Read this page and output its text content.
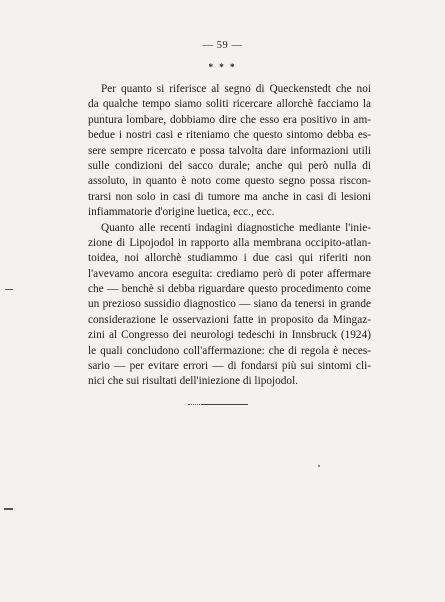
— 59 —
* * *
Per quanto si riferisce al segno di Queckenstedt che noi
da qualche tempo siamo soliti ricercare allorchè facciamo la
puntura lombare, dobbiamo dire che esso era positivo in am-
bedue i nostri casi e riteniamo che questo sintomo debba es-
sere sempre ricercato e possa talvolta dare informazioni utili
sulle condizioni del sacco durale; anche qui però nulla di
assoluto, in quanto è noto come questo segno possa riscon-
trarsi non solo in casi di tumore ma anche in casi di lesioni
infiammatorie d'origine luetica, ecc., ecc.
Quanto alle recenti indagini diagnostiche mediante l'inie-
zione di Lipojodol in rapporto alla membrana occipito-atlan-
toidea, noi allorchè studiammo i due casi qui riferiti non
l'avevamo ancora eseguita: crediamo però di poter affermare
che — benchè si debba riguardare questo procedimento come
un prezioso sussidio diagnostico — siano da tenersi in grande
considerazione le osservazioni fatte in proposito da Mingaz-
zini al Congresso dei neurologi tedeschi in Innsbruck (1924)
le quali concludono coll'affermazione: che di regola è neces-
sario — per evitare errori — di fondarsi più sui sintomi cli-
nici che sui risultati dell'iniezione di lipojodol.
